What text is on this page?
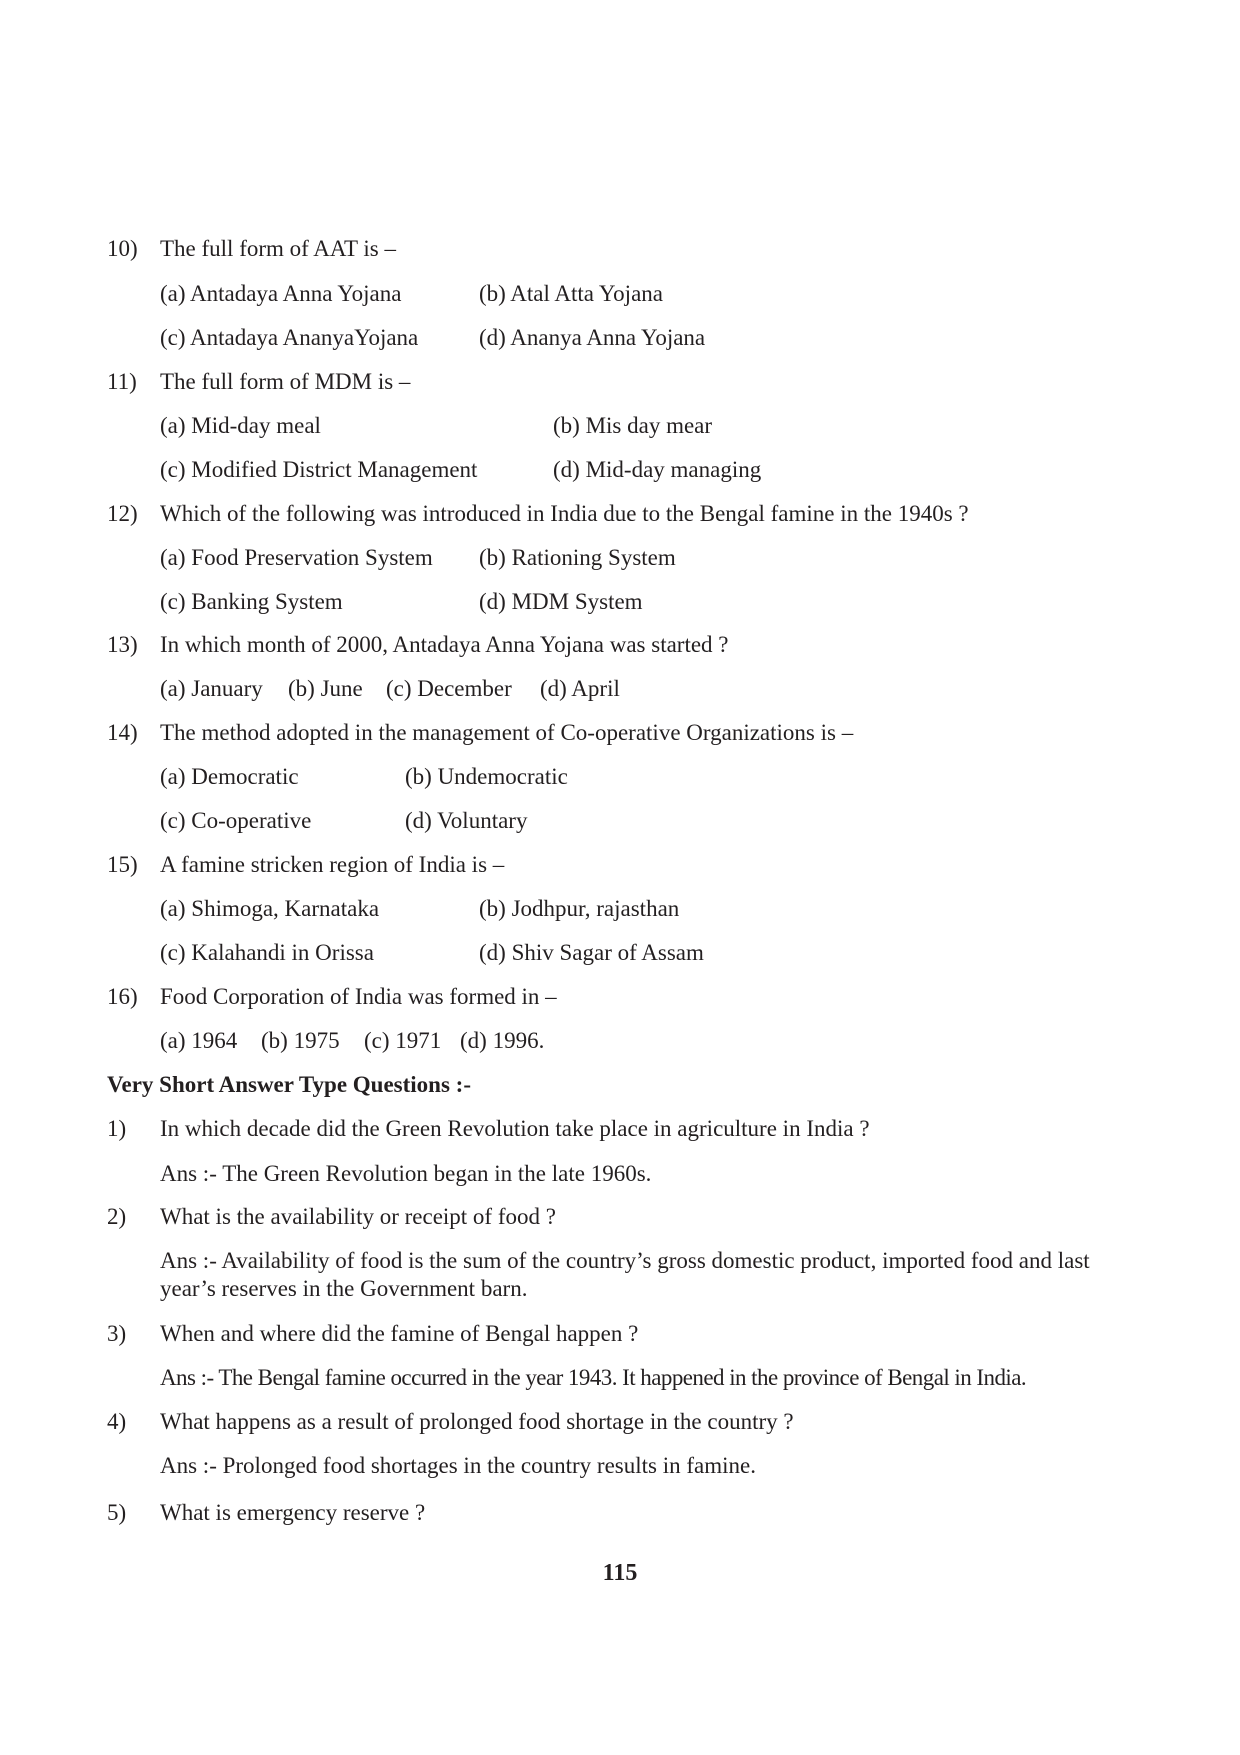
10) The full form of AAT is –
(a) Antadaya Anna Yojana	(b) Atal Atta Yojana
(c) Antadaya AnanyaYojana	(d) Ananya Anna Yojana
11) The full form of MDM is –
(a) Mid-day meal	(b) Mis day mear
(c) Modified District Management	(d) Mid-day managing
12) Which of the following was introduced in India due to the Bengal famine in the 1940s ?
(a) Food Preservation System (b) Rationing System
(c) Banking System	(d) MDM System
13) In which month of 2000, Antadaya Anna Yojana was started ?
(a) January (b) June (c) December (d) April
14) The method adopted in the management of Co-operative Organizations is –
(a) Democratic	(b) Undemocratic
(c) Co-operative	(d) Voluntary
15) A famine stricken region of India is –
(a) Shimoga, Karnataka	(b) Jodhpur, rajasthan
(c) Kalahandi in Orissa	(d) Shiv Sagar of Assam
16) Food Corporation of India was formed in –
(a) 1964 (b) 1975 (c) 1971 (d) 1996.
Very Short Answer Type Questions :-
1) In which decade did the Green Revolution take place in agriculture in India ?
Ans :- The Green Revolution began in the late 1960s.
2) What is the availability or receipt of food ?
Ans :- Availability of food is the sum of the country’s gross domestic product, imported food and last year’s reserves in the Government barn.
3) When and where did the famine of Bengal happen ?
Ans :- The Bengal famine occurred in the year 1943. It happened in the province of Bengal in India.
4) What happens as a result of prolonged food shortage in the country ?
Ans :- Prolonged food shortages in the country results in famine.
5) What is emergency reserve ?
115
